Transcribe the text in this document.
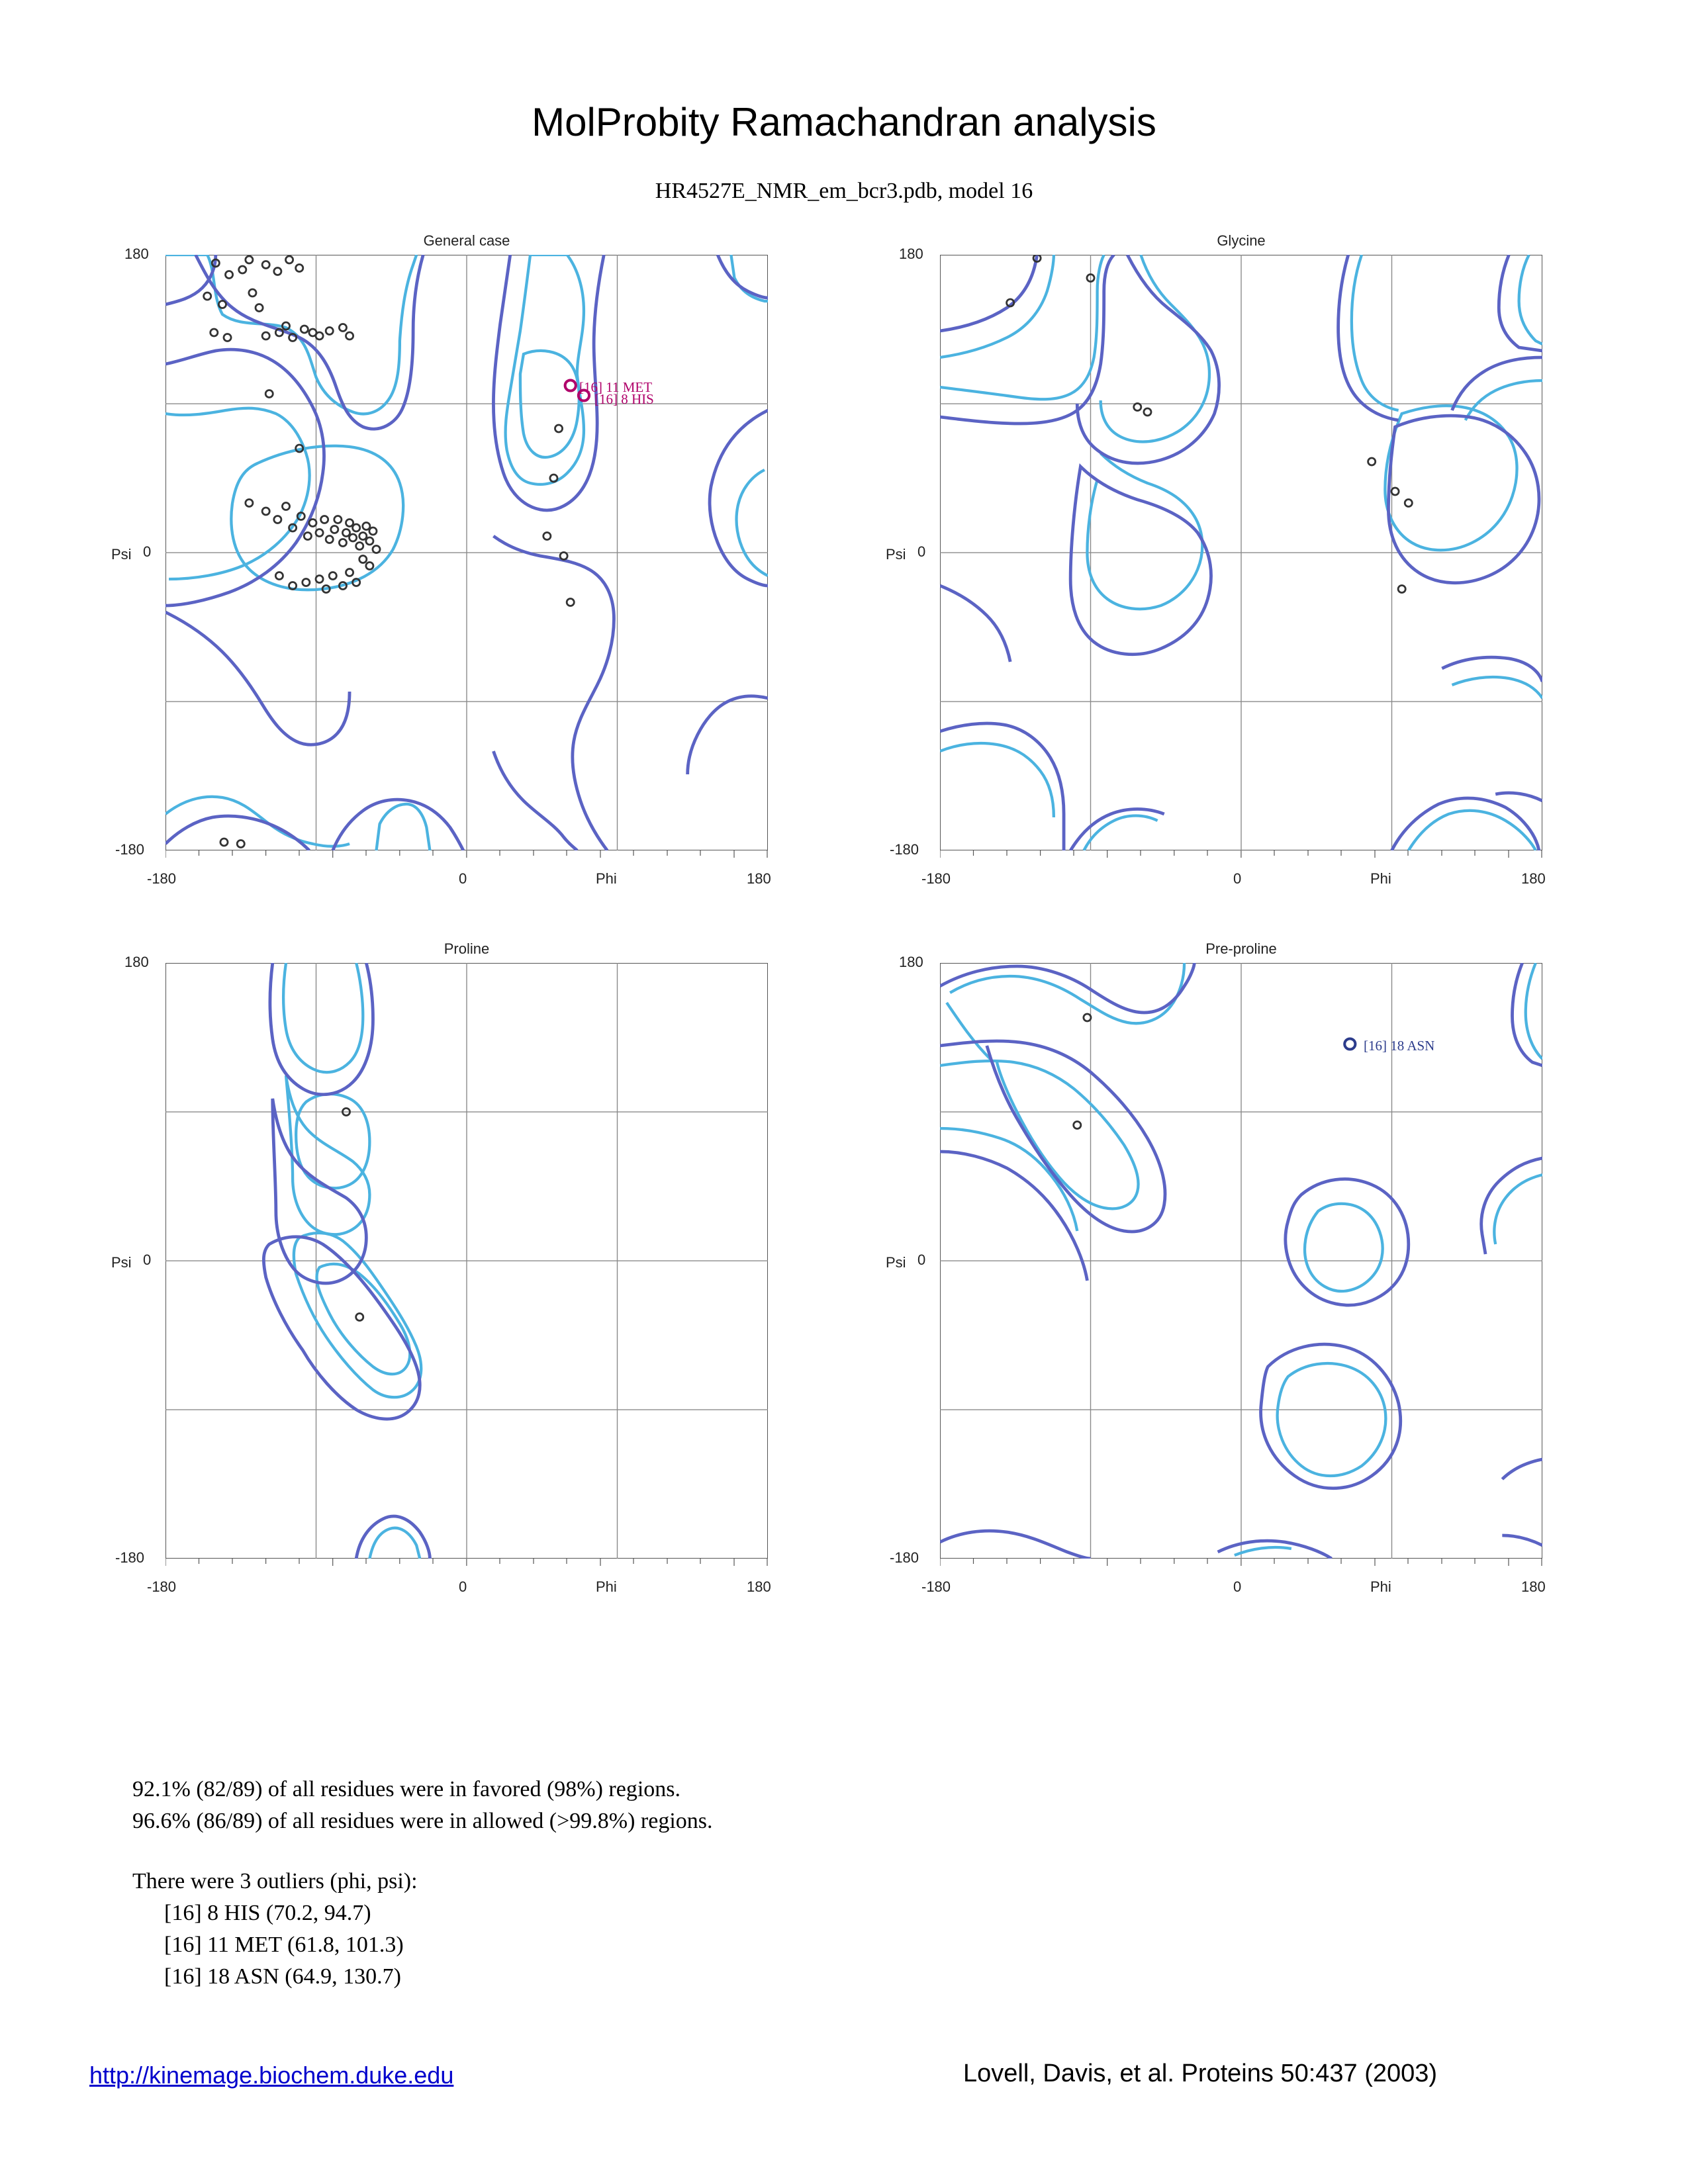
MolProbity Ramachandran analysis
HR4527E_NMR_em_bcr3.pdb, model 16
General case
[16] 11 MET
[16] 8 HIS
Psi
Phi
180
0
-180
-180	0	180
Glycine
Psi
Phi
180
0
-180
-180	0	180
Proline
Psi
Phi
180
0
-180
-180	0	180
Pre-proline
[16] 18 ASN
Psi
Phi
180
0
-180
-180	0	180
92.1% (82/89) of all residues were in favored (98%) regions.
96.6% (86/89) of all residues were in allowed (>99.8%) regions.
There were 3 outliers (phi, psi):
[16] 8 HIS (70.2, 94.7)
[16] 11 MET (61.8, 101.3)
[16] 18 ASN (64.9, 130.7)
http://kinemage.biochem.duke.edu	Lovell, Davis, et al. Proteins 50:437 (2003)
